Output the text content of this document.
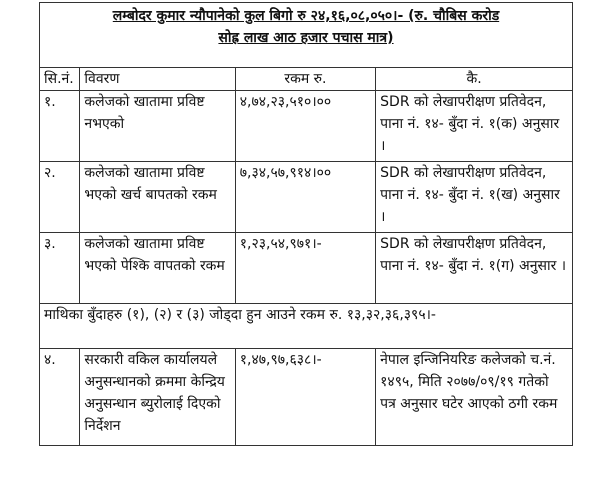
लम्बोदर कुमार न्यौपानेको कुल बिगो रु २४,१६,०८,०५०।- (रु. चौबिस करोड
सोह्र लाख आठ हजार पचास मात्र)			
सि.नं.	विवरण	रकम रु.	कै.
१.	कलेजको खातामा प्रविष्ट नभएको	४,७४,२३,५१०।००	SDR को लेखापरीक्षण प्रतिवेदन, पाना नं. १४- बुँदा नं. १(क) अनुसार ।
२.	कलेजको खातामा प्रविष्ट भएको खर्च बापतको रकम	७,३४,५७,९१४।००	SDR को लेखापरीक्षण प्रतिवेदन, पाना नं. १४- बुँदा नं. १(ख) अनुसार ।
३.	कलेजको खातामा प्रविष्ट भएको पेश्कि वापतको रकम	१,२३,५४,९७१।-	SDR को लेखापरीक्षण प्रतिवेदन, पाना नं. १४- बुँदा नं. १(ग) अनुसार ।
माथिका बुँदाहरु (१), (२) र (३) जोड्दा हुन आउने रकम रु. १३,३२,३६,३९५।-			
४.	सरकारी वकिल कार्यालयले अनुसन्धानको क्रममा केन्द्रिय अनुसन्धान ब्युरोलाई दिएको निर्देशन	१,४७,९७,६३८।-	नेपाल इन्जिनियरिङ कलेजको च.नं. १४९५, मिति २०७७/०९/१९ गतेको पत्र अनुसार घटेर आएको ठगी रकम
